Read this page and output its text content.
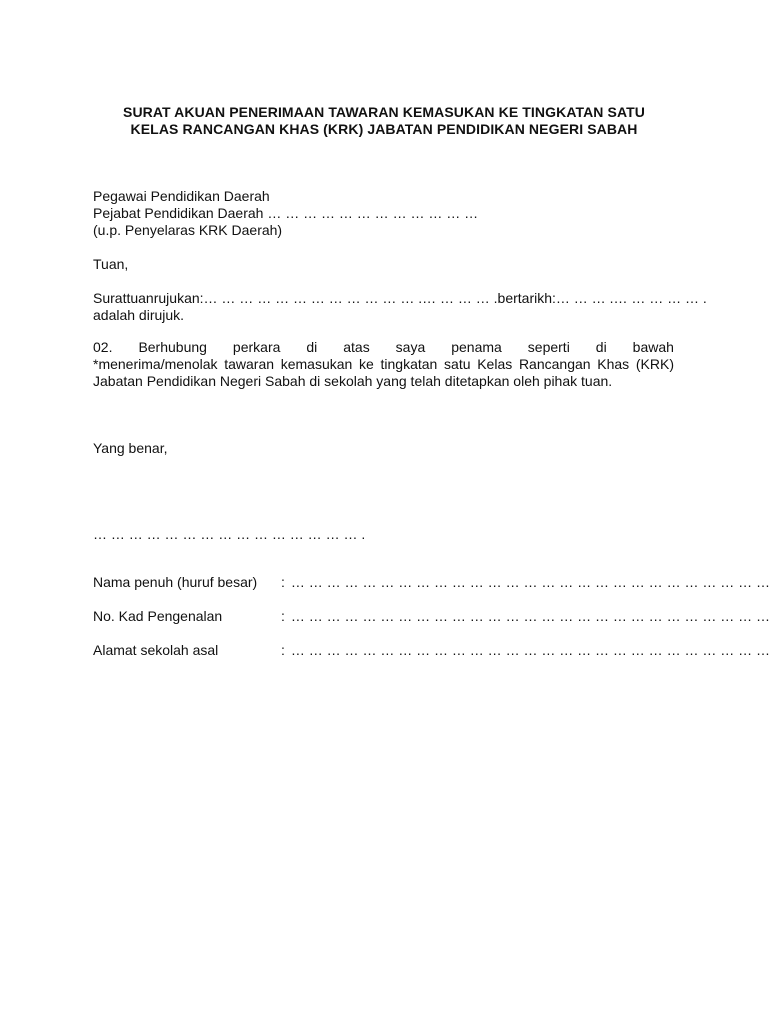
SURAT AKUAN PENERIMAAN TAWARAN KEMASUKAN KE TINGKATAN SATU
KELAS RANCANGAN KHAS (KRK) JABATAN PENDIDIKAN NEGERI SABAH
Pegawai Pendidikan Daerah
Pejabat Pendidikan Daerah … … … … … … … … … … … …
(u.p. Penyelaras KRK Daerah)
Tuan,
Surat tuan rujukan : … … … … … … … … … … … … .… … … … . bertarikh : … … … .… … … … … .
adalah dirujuk.
02. Berhubung perkara di atas saya penama seperti di bawah
*menerima/menolak tawaran kemasukan ke tingkatan satu Kelas Rancangan Khas (KRK) Jabatan Pendidikan Negeri Sabah di sekolah yang telah ditetapkan oleh pihak tuan.
Yang benar,
… … … … … … … … … … … … … … … .
Nama penuh (huruf besar)	: … … … … … … … … … … … … … … … … … … … … … … … … … … …
No. Kad Pengenalan	: … … … … … … … … … … … … … … … … … … … … … … … … … … …
Alamat sekolah asal	: … … … … … … … … … … … … … … … … … … … … … … … … … … …
